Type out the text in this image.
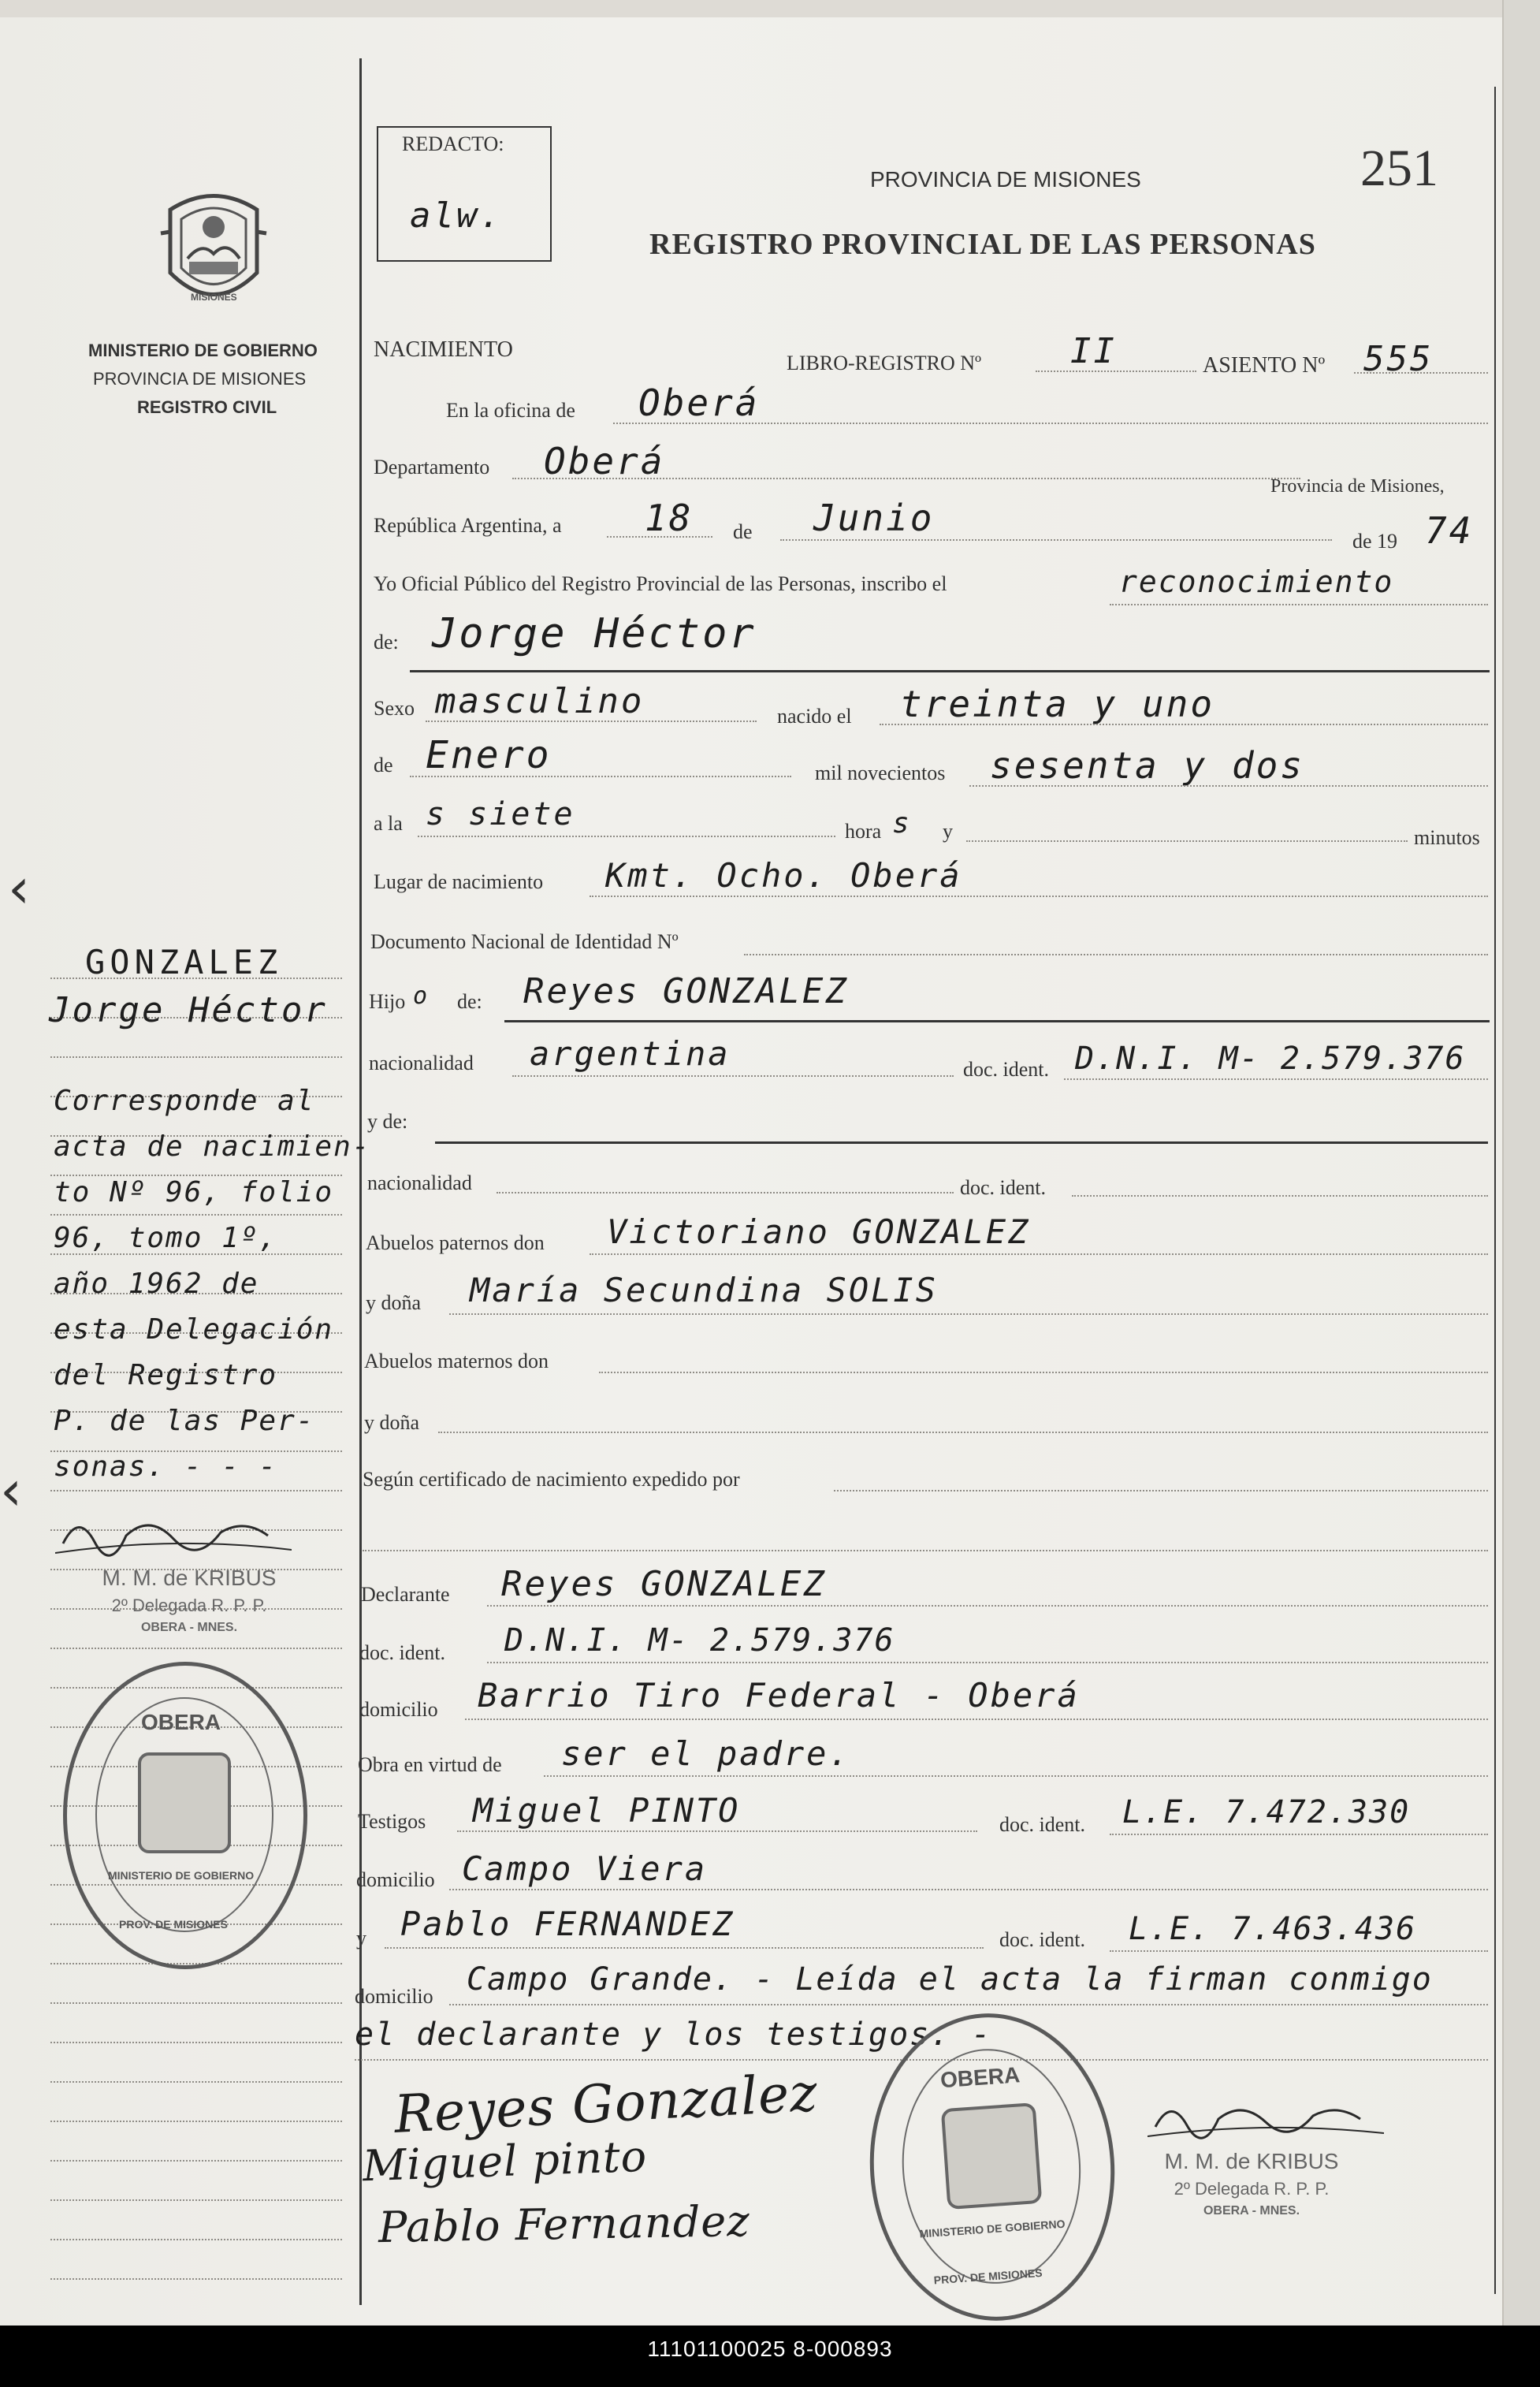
REDACTO:
alw.
PROVINCIA DE MISIONES
REGISTRO PROVINCIAL DE LAS PERSONAS
251
MISIONES
MINISTERIO DE GOBIERNO
PROVINCIA DE MISIONES
REGISTRO CIVIL
NACIMIENTO
LIBRO-REGISTRO Nº	II	ASIENTO Nº 555
En la oficina de Oberá
Departamento Oberá
Provincia de Misiones,
República Argentina, a 18 de Junio
de 19 74
Yo Oficial Público del Registro Provincial de las Personas, inscribo el	reconocimiento
de: Jorge Héctor
Sexo masculino	nacido el treinta y uno
de Enero	mil novecientos sesenta y dos
a la s siete	hora s y	minutos
Lugar de nacimiento Kmt. Ocho. Oberá
Documento Nacional de Identidad Nº
Hijo o de: Reyes GONZALEZ
nacionalidad argentina	doc. ident. D.N.I. M- 2.579.376
y de:
nacionalidad	doc. ident.
Abuelos paternos don Victoriano GONZALEZ
y doña María Secundina SOLIS
Abuelos maternos don
y doña
Según certificado de nacimiento expedido por
Declarante Reyes GONZALEZ
doc. ident. D.N.I. M- 2.579.376
domicilio Barrio Tiro Federal - Oberá
Obra en virtud de ser el padre.
Testigos Miguel PINTO	doc. ident. L.E. 7.472.330
domicilio Campo Viera
y Pablo FERNANDEZ	doc. ident. L.E. 7.463.436
domicilio Campo Grande. - Leída el acta la firman conmigo
el declarante y los testigos. -
Reyes Gonzalez
Miguel pinto
Pablo Fernandez
GONZALEZ
Jorge Héctor
Corresponde al
acta de nacimien-
to Nº 96, folio
96, tomo 1º,
año 1962 de
esta Delegación
del Registro
P. de las Per-
sonas. - - -
‹
‹
M. M. de KRIBUS
2º Delegada R. P. P.
OBERA - MNES.
OBERA
MINISTERIO DE GOBIERNO
PROV. DE MISIONES
OBERA
MINISTERIO DE GOBIERNO
PROV. DE MISIONES
M. M. de KRIBUS
2º Delegada R. P. P.
OBERA - MNES.
11101100025 8-000893
